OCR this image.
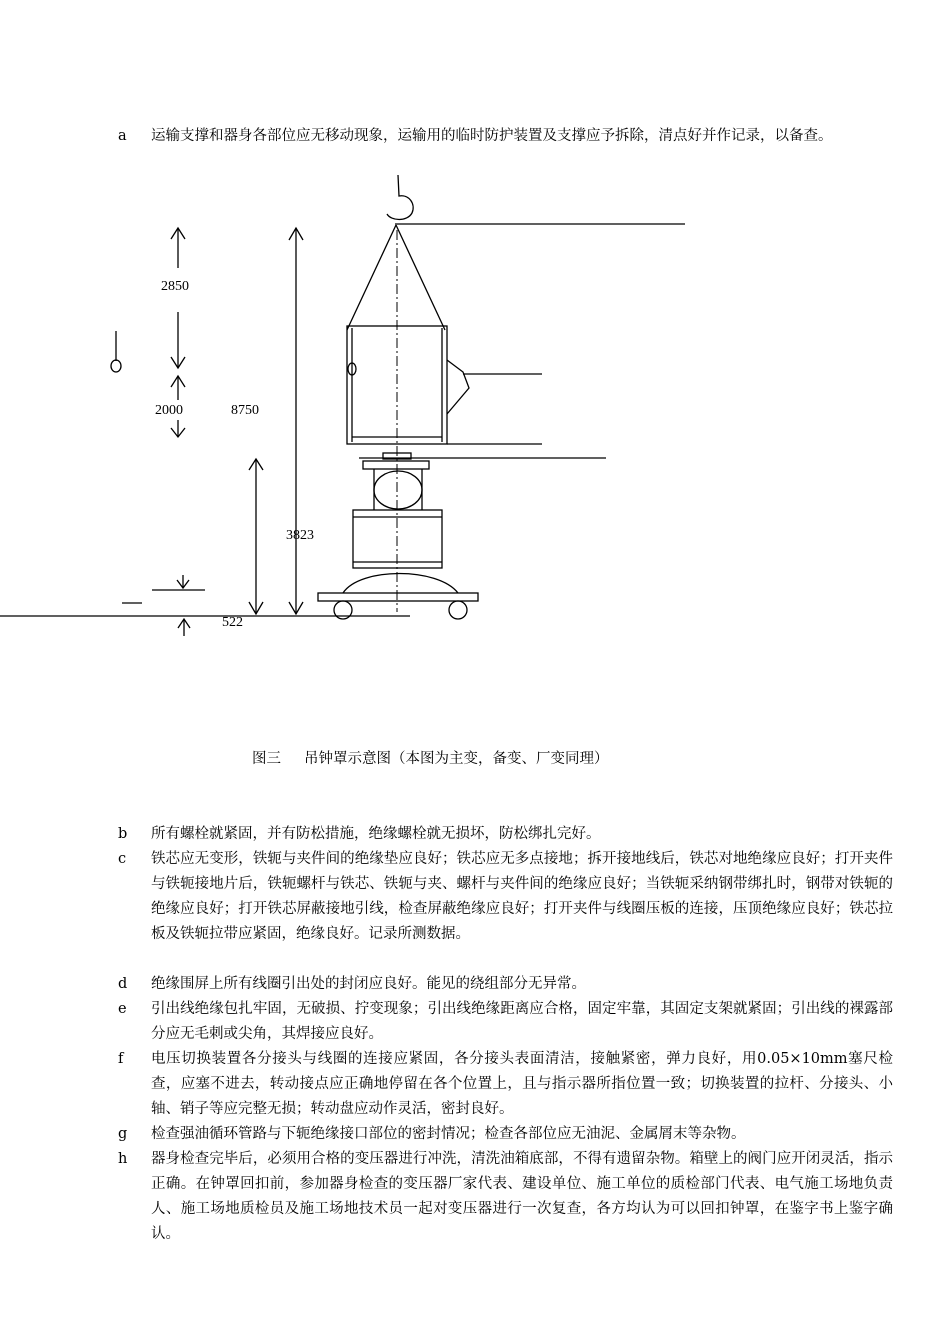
a	运输支撑和器身各部位应无移动现象，运输用的临时防护装置及支撑应予拆除，清点好并作记录，以备查。
2850
2000	8750
3823
522
图三 吊钟罩示意图（本图为主变，备变、厂变同理）
b	所有螺栓就紧固，并有防松措施，绝缘螺栓就无损坏，防松绑扎完好。
c	铁芯应无变形，铁轭与夹件间的绝缘垫应良好；铁芯应无多点接地；拆开接地线后，铁芯对地绝缘应良好；打开夹件与铁轭接地片后，铁轭螺杆与铁芯、铁轭与夹、螺杆与夹件间的绝缘应良好；当铁轭采纳钢带绑扎时，钢带对铁轭的绝缘应良好；打开铁芯屏蔽接地引线，检查屏蔽绝缘应良好；打开夹件与线圈压板的连接，压顶绝缘应良好；铁芯拉板及铁轭拉带应紧固，绝缘良好。记录所测数据。
d	绝缘围屏上所有线圈引出处的封闭应良好。能见的绕组部分无异常。
e	引出线绝缘包扎牢固，无破损、拧变现象；引出线绝缘距离应合格，固定牢靠，其固定支架就紧固；引出线的裸露部分应无毛刺或尖角，其焊接应良好。
f	电压切换装置各分接头与线圈的连接应紧固，各分接头表面清洁，接触紧密，弹力良好，用0.05×10mm塞尺检查，应塞不进去，转动接点应正确地停留在各个位置上，且与指示器所指位置一致；切换装置的拉杆、分接头、小轴、销子等应完整无损；转动盘应动作灵活，密封良好。
g	检查强油循环管路与下轭绝缘接口部位的密封情况；检查各部位应无油泥、金属屑末等杂物。
h	器身检查完毕后，必须用合格的变压器进行冲洗，清洗油箱底部，不得有遗留杂物。箱壁上的阀门应开闭灵活，指示正确。在钟罩回扣前，参加器身检查的变压器厂家代表、建设单位、施工单位的质检部门代表、电气施工场地负责人、施工场地质检员及施工场地技术员一起对变压器进行一次复查，各方均认为可以回扣钟罩，在鉴字书上鉴字确认。
